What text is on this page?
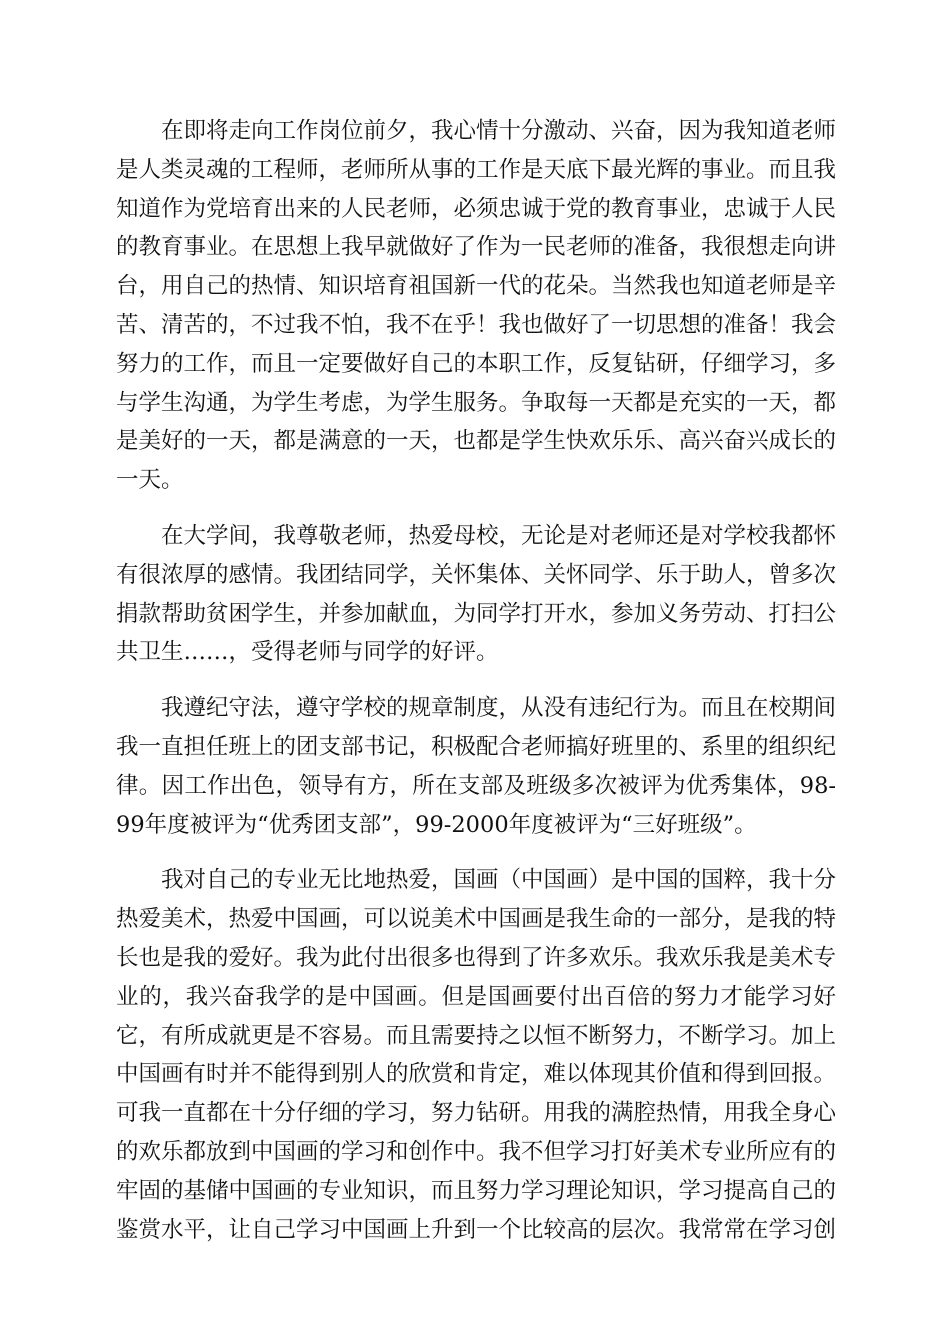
在即将走向工作岗位前夕，我心情十分激动、兴奋，因为我知道老师是人类灵魂的工程师，老师所从事的工作是天底下最光辉的事业。而且我知道作为党培育出来的人民老师，必须忠诚于党的教育事业，忠诚于人民的教育事业。在思想上我早就做好了作为一民老师的准备，我很想走向讲台，用自己的热情、知识培育祖国新一代的花朵。当然我也知道老师是辛苦、清苦的，不过我不怕，我不在乎！我也做好了一切思想的准备！我会努力的工作，而且一定要做好自己的本职工作，反复钻研，仔细学习，多与学生沟通，为学生考虑，为学生服务。争取每一天都是充实的一天，都是美好的一天，都是满意的一天，也都是学生快欢乐乐、高兴奋兴成长的一天。

在大学间，我尊敬老师，热爱母校，无论是对老师还是对学校我都怀有很浓厚的感情。我团结同学，关怀集体、关怀同学、乐于助人，曾多次捐款帮助贫困学生，并参加献血，为同学打开水，参加义务劳动、打扫公共卫生……，受得老师与同学的好评。

我遵纪守法，遵守学校的规章制度，从没有违纪行为。而且在校期间我一直担任班上的团支部书记，积极配合老师搞好班里的、系里的组织纪律。因工作出色，领导有方，所在支部及班级多次被评为优秀集体，98-99年度被评为“优秀团支部”，99-2000年度被评为“三好班级”。

我对自己的专业无比地热爱，国画（中国画）是中国的国粹，我十分热爱美术，热爱中国画，可以说美术中国画是我生命的一部分，是我的特长也是我的爱好。我为此付出很多也得到了许多欢乐。我欢乐我是美术专业的，我兴奋我学的是中国画。但是国画要付出百倍的努力才能学习好它，有所成就更是不容易。而且需要持之以恒不断努力，不断学习。加上中国画有时并不能得到别人的欣赏和肯定，难以体现其价值和得到回报。可我一直都在十分仔细的学习，努力钻研。用我的满腔热情，用我全身心的欢乐都放到中国画的学习和创作中。我不但学习打好美术专业所应有的牢固的基储中国画的专业知识，而且努力学习理论知识，学习提高自己的鉴赏水平，让自己学习中国画上升到一个比较高的层次。我常常在学习创
